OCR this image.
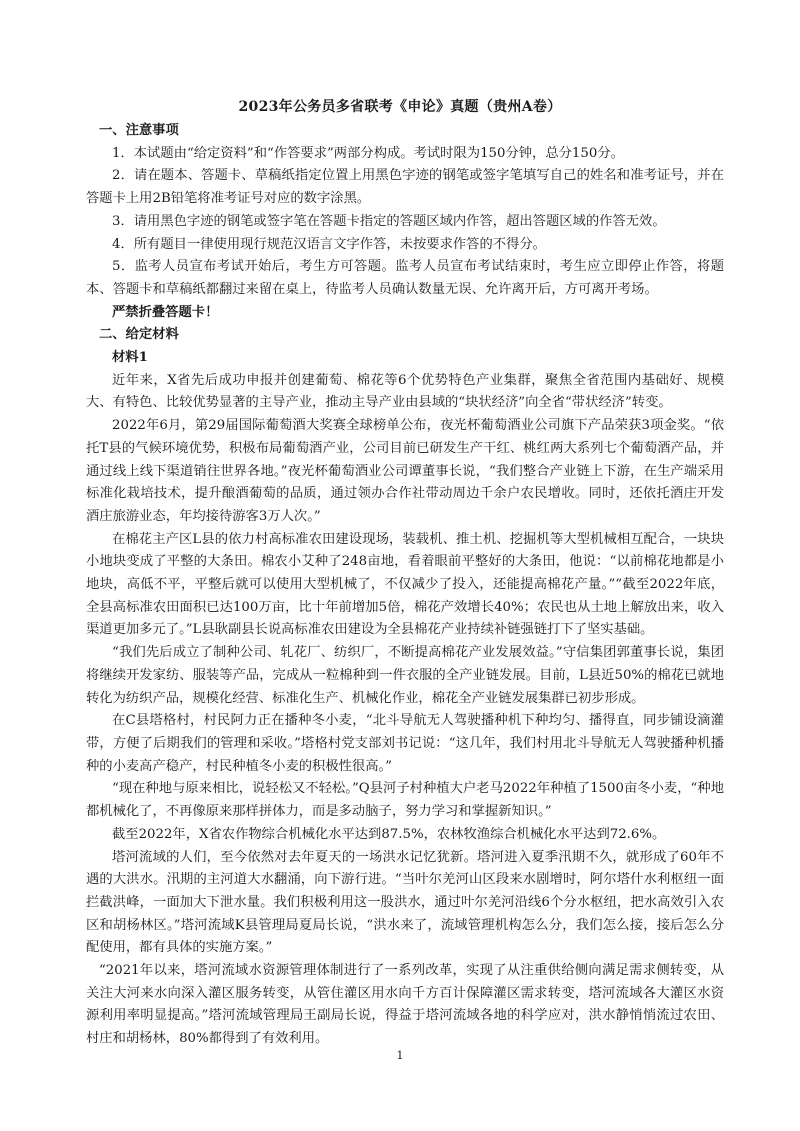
2023年公务员多省联考《申论》真题（贵州A卷）

一、注意事项

1．本试题由“给定资料”和“作答要求”两部分构成。考试时限为150分钟，总分150分。

2．请在题本、答题卡、草稿纸指定位置上用黑色字迹的钢笔或签字笔填写自己的姓名和准考证号，并在答题卡上用2B铅笔将准考证号对应的数字涂黑。

3．请用黑色字迹的钢笔或签字笔在答题卡指定的答题区域内作答，超出答题区域的作答无效。

4．所有题目一律使用现行规范汉语言文字作答，未按要求作答的不得分。

5．监考人员宣布考试开始后，考生方可答题。监考人员宣布考试结束时，考生应立即停止作答，将题本、答题卡和草稿纸都翻过来留在桌上，待监考人员确认数量无误、允许离开后，方可离开考场。

严禁折叠答题卡！

二、给定材料

材料1

近年来，X省先后成功申报并创建葡萄、棉花等6个优势特色产业集群，聚焦全省范围内基础好、规模大、有特色、比较优势显著的主导产业，推动主导产业由县域的“块状经济”向全省“带状经济”转变。

2022年6月，第29届国际葡萄酒大奖赛全球榜单公布，夜光杯葡萄酒业公司旗下产品荣获3项金奖。“依托T县的气候环境优势，积极布局葡萄酒产业，公司目前已研发生产干红、桃红两大系列七个葡萄酒产品，并通过线上线下渠道销往世界各地。”夜光杯葡萄酒业公司谭董事长说，“我们整合产业链上下游，在生产端采用标准化栽培技术，提升酿酒葡萄的品质，通过领办合作社带动周边千余户农民增收。同时，还依托酒庄开发酒庄旅游业态，年均接待游客3万人次。”

在棉花主产区L县的依力村高标准农田建设现场，装载机、推土机、挖掘机等大型机械相互配合，一块块小地块变成了平整的大条田。棉农小艾种了248亩地，看着眼前平整好的大条田，他说：“以前棉花地都是小地块，高低不平，平整后就可以使用大型机械了，不仅减少了投入，还能提高棉花产量。”“截至2022年底，全县高标准农田面积已达100万亩，比十年前增加5倍，棉花产效增长40%；农民也从土地上解放出来，收入渠道更加多元了。”L县耿副县长说高标准农田建设为全县棉花产业持续补链强链打下了坚实基础。

“我们先后成立了制种公司、轧花厂、纺织厂，不断提高棉花产业发展效益。”守信集团郭董事长说，集团将继续开发家纺、服装等产品，完成从一粒棉种到一件衣服的全产业链发展。目前，L县近50%的棉花已就地转化为纺织产品，规模化经营、标准化生产、机械化作业，棉花全产业链发展集群已初步形成。

在C县塔格村，村民阿力正在播种冬小麦，“北斗导航无人驾驶播种机下种均匀、播得直，同步铺设滴灌带，方便了后期我们的管理和采收。”塔格村党支部刘书记说：“这几年，我们村用北斗导航无人驾驶播种机播种的小麦高产稳产，村民种植冬小麦的积极性很高。”

“现在种地与原来相比，说轻松又不轻松。”Q县河子村种植大户老马2022年种植了1500亩冬小麦，“种地都机械化了，不再像原来那样拼体力，而是多动脑子，努力学习和掌握新知识。”

截至2022年，X省农作物综合机械化水平达到87.5%，农林牧渔综合机械化水平达到72.6%。

塔河流域的人们，至今依然对去年夏天的一场洪水记忆犹新。塔河进入夏季汛期不久，就形成了60年不遇的大洪水。汛期的主河道大水翻涌，向下游行进。“当叶尔羌河山区段来水剧增时，阿尔塔什水利枢纽一面拦截洪峰，一面加大下泄水量。我们积极利用这一股洪水，通过叶尔羌河沿线6个分水枢纽，把水高效引入农区和胡杨林区。”塔河流域K县管理局夏局长说，“洪水来了，流域管理机构怎么分，我们怎么接，接后怎么分配使用，都有具体的实施方案。”

“2021年以来，塔河流域水资源管理体制进行了一系列改革，实现了从注重供给侧向满足需求侧转变，从关注大河来水向深入灌区服务转变，从管住灌区用水向千方百计保障灌区需求转变，塔河流域各大灌区水资源利用率明显提高。”塔河流域管理局王副局长说，得益于塔河流域各地的科学应对，洪水静悄悄流过农田、村庄和胡杨林，80%都得到了有效利用。

1
